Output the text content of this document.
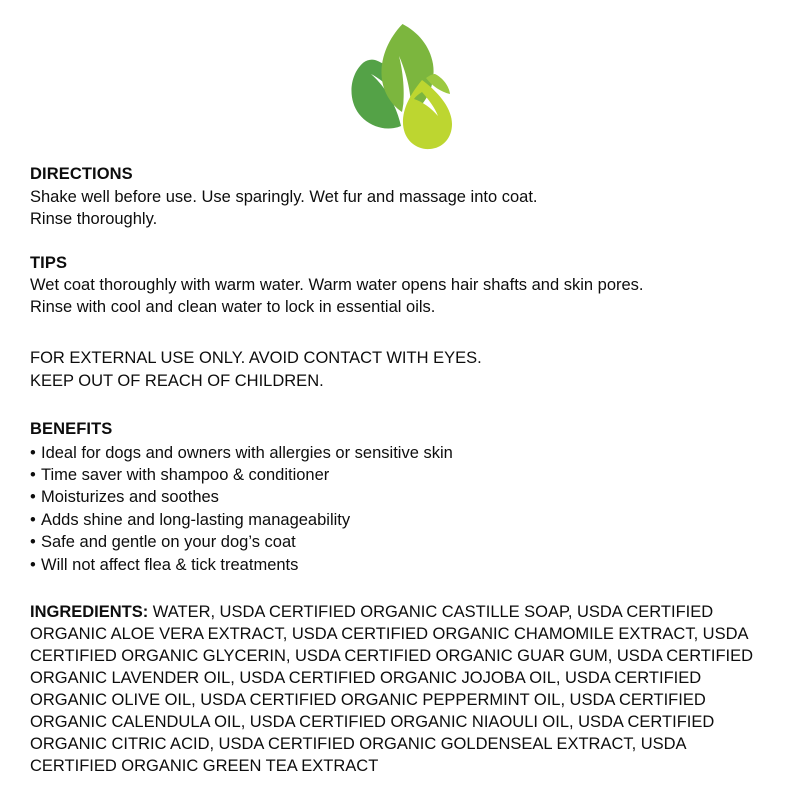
DIRECTIONS

Shake well before use. Use sparingly. Wet fur and massage into coat.

Rinse thoroughly.

TIPS

Wet coat thoroughly with warm water. Warm water opens hair shafts and skin pores.

Rinse with cool and clean water to lock in essential oils.

FOR EXTERNAL USE ONLY. AVOID CONTACT WITH EYES.

KEEP OUT OF REACH OF CHILDREN.

BENEFITS

• Ideal for dogs and owners with allergies or sensitive skin

• Time saver with shampoo & conditioner

• Moisturizes and soothes

• Adds shine and long-lasting manageability

• Safe and gentle on your dog’s coat

• Will not affect flea & tick treatments

INGREDIENTS: WATER, USDA CERTIFIED ORGANIC CASTILLE SOAP, USDA CERTIFIED ORGANIC ALOE VERA EXTRACT, USDA CERTIFIED ORGANIC CHAMOMILE EXTRACT, USDA CERTIFIED ORGANIC GLYCERIN, USDA CERTIFIED ORGANIC GUAR GUM, USDA CERTIFIED ORGANIC LAVENDER OIL, USDA CERTIFIED ORGANIC JOJOBA OIL, USDA CERTIFIED ORGANIC OLIVE OIL, USDA CERTIFIED ORGANIC PEPPERMINT OIL, USDA CERTIFIED ORGANIC CALENDULA OIL, USDA CERTIFIED ORGANIC NIAOULI OIL, USDA CERTIFIED ORGANIC CITRIC ACID, USDA CERTIFIED ORGANIC GOLDENSEAL EXTRACT, USDA CERTIFIED ORGANIC GREEN TEA EXTRACT
